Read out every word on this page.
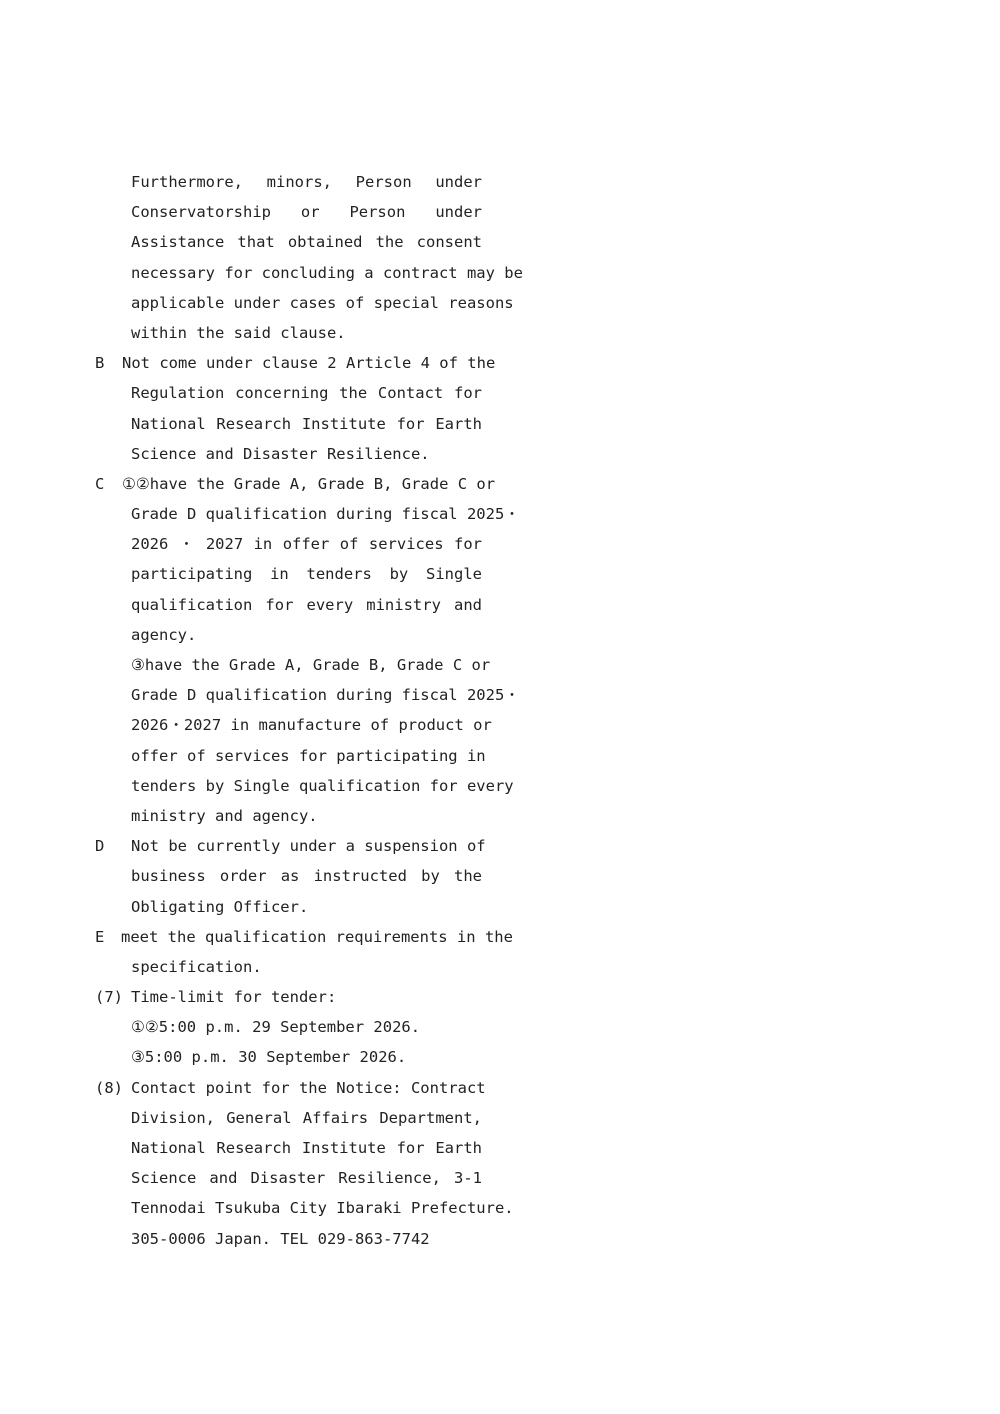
Furthermore, minors, Person under
Conservatorship or Person under
Assistance that obtained the consent
necessary for concluding a contract may be
applicable under cases of special reasons
within the said clause.
B	Not come under clause 2 Article 4 of the
Regulation concerning the Contact for
National Research Institute for Earth
Science and Disaster Resilience.
C	①②have the Grade A, Grade B, Grade C or
Grade D qualification during fiscal 2025・
2026 ・ 2027 in offer of services for
participating in tenders by Single
qualification for every ministry and
agency.
③have the Grade A, Grade B, Grade C or
Grade D qualification during fiscal 2025・
2026・2027 in manufacture of product or
offer of services for participating in
tenders by Single qualification for every
ministry and agency.
D	Not be currently under a suspension of
business order as instructed by the
Obligating Officer.
E	meet the qualification requirements in the
specification.
(7) Time-limit for tender:
①②5:00 p.m. 29 September 2026.
③5:00 p.m. 30 September 2026.
(8) Contact point for the Notice: Contract
Division, General Affairs Department,
National Research Institute for Earth
Science and Disaster Resilience, 3-1
Tennodai Tsukuba City Ibaraki Prefecture.
305-0006 Japan. TEL 029-863-7742
